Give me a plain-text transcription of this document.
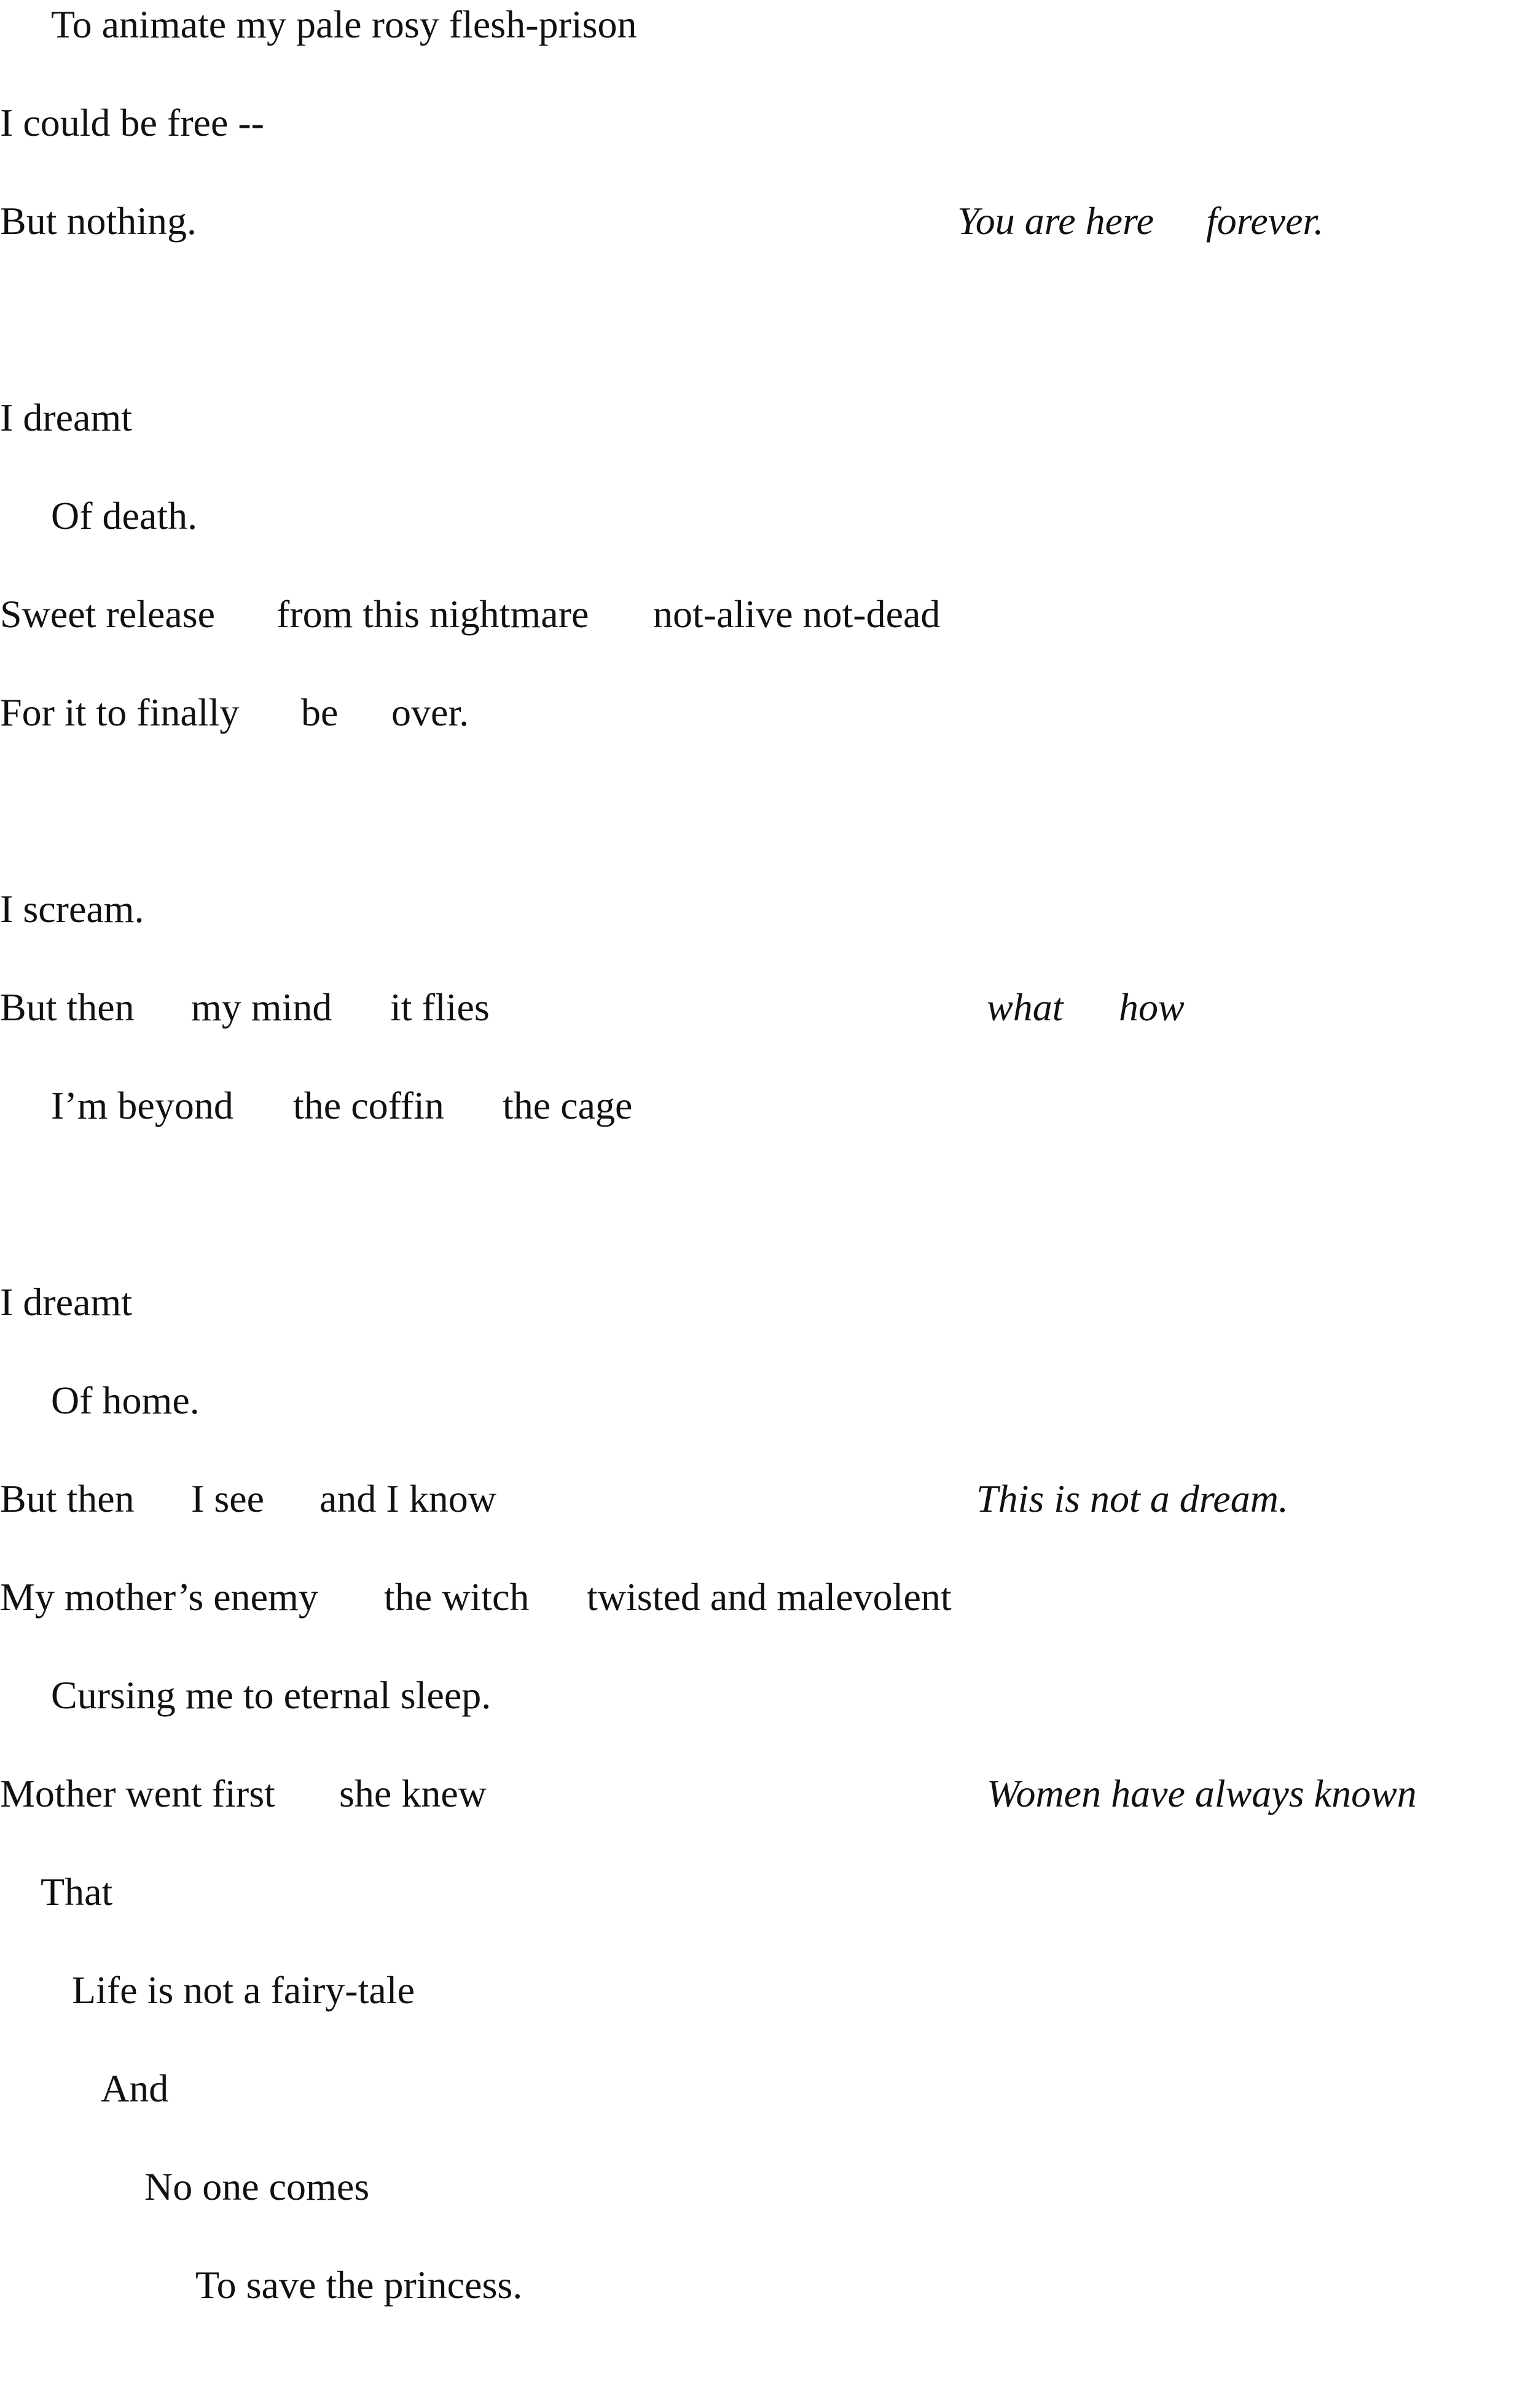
To animate my pale rosy flesh-prison

I could be free --

But nothing.

	You are here

forever.

I dreamt

Of death.

Sweet release

from this nightmare

not-alive not-dead

For it to finally

be

over.

I scream.

But then

my mind

it flies

	what

how

I’m beyond

the coffin

the cage

I dreamt

Of home.

But then

I see

and I know

	This is not a dream.

My mother’s enemy

the witch

twisted and malevolent

Cursing me to eternal sleep.

Mother went first

she knew

	Women have always known

That

Life is not a fairy-tale

And

No one comes

To save the princess.
